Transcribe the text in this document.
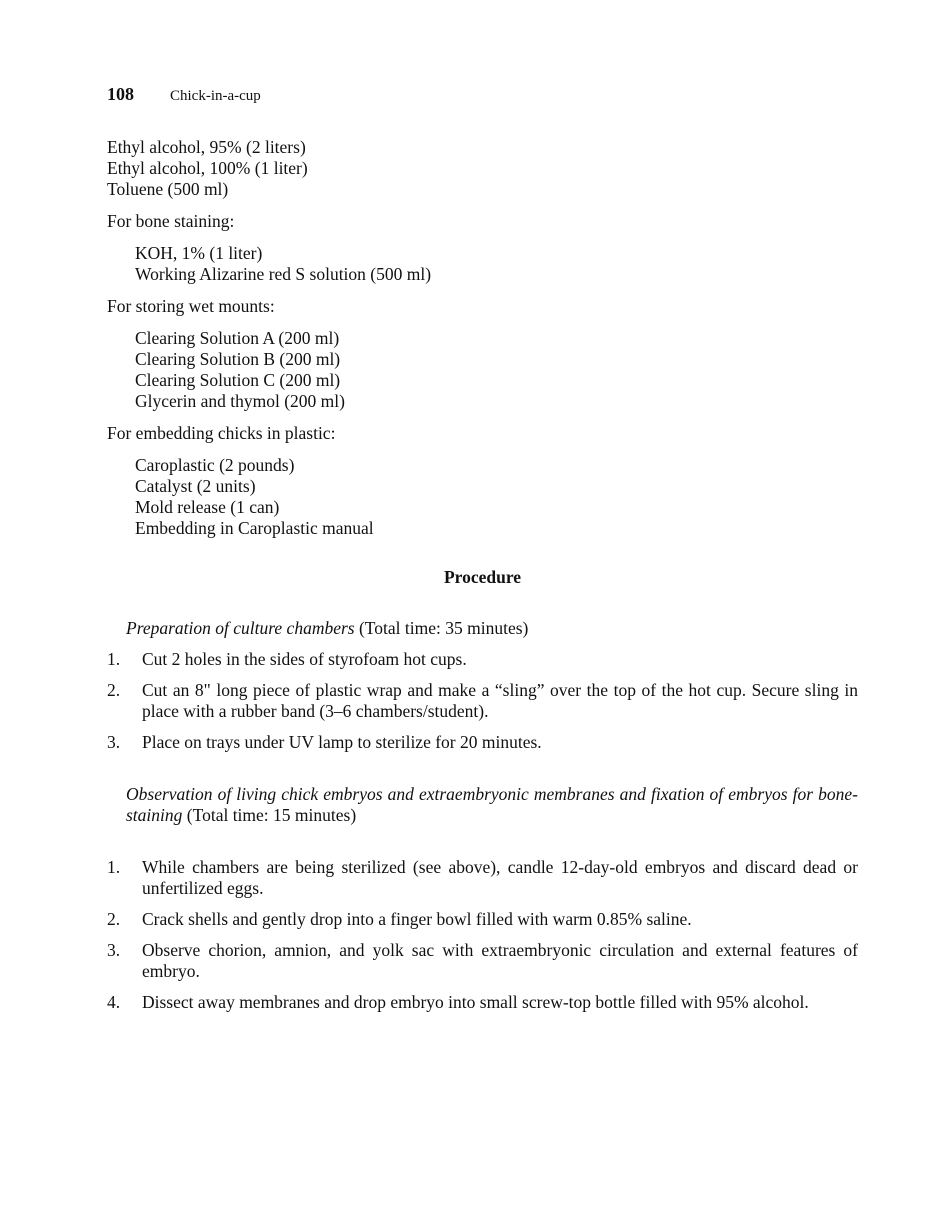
108	Chick-in-a-cup
Ethyl alcohol, 95% (2 liters)
Ethyl alcohol, 100% (1 liter)
Toluene (500 ml)
For bone staining:
KOH, 1% (1 liter)
Working Alizarine red S solution (500 ml)
For storing wet mounts:
Clearing Solution A (200 ml)
Clearing Solution B (200 ml)
Clearing Solution C (200 ml)
Glycerin and thymol (200 ml)
For embedding chicks in plastic:
Caroplastic (2 pounds)
Catalyst (2 units)
Mold release (1 can)
Embedding in Caroplastic manual
Procedure
Preparation of culture chambers (Total time: 35 minutes)
1.	Cut 2 holes in the sides of styrofoam hot cups.
2.	Cut an 8" long piece of plastic wrap and make a “sling” over the top of the hot cup. Secure sling in place with a rubber band (3–6 chambers/student).
3.	Place on trays under UV lamp to sterilize for 20 minutes.
Observation of living chick embryos and extraembryonic membranes and fixation of embryos for bone-staining (Total time: 15 minutes)
1.	While chambers are being sterilized (see above), candle 12-day-old embryos and discard dead or unfertilized eggs.
2.	Crack shells and gently drop into a finger bowl filled with warm 0.85% saline.
3.	Observe chorion, amnion, and yolk sac with extraembryonic circulation and external features of embryo.
4.	Dissect away membranes and drop embryo into small screw-top bottle filled with 95% alcohol.
